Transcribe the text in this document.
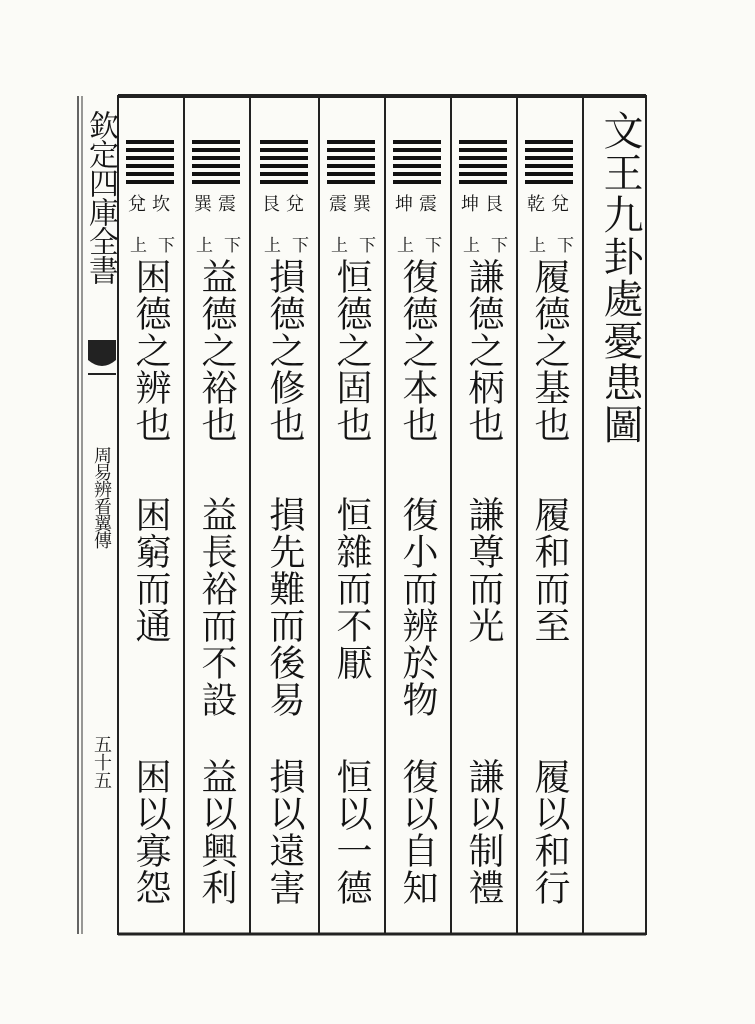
文王九卦處憂患圖
欽定四庫全書
周易辨㸔翼傳
五十五
乾 兌
上 下
履德之基也
履和而至
履以和行
坤 艮
上 下
謙德之柄也
謙尊而光
謙以制禮
坤 震
上 下
復德之本也
復小而辨於物
復以自知
震 巽
上 下
恒德之固也
恒雜而不厭
恒以一德
艮 兌
上 下
損德之修也
損先難而後易
損以遠害
巽 震
上 下
益德之裕也
益長裕而不設
益以興利
兌 坎
上 下
困德之辨也
困窮而通
困以寡怨
